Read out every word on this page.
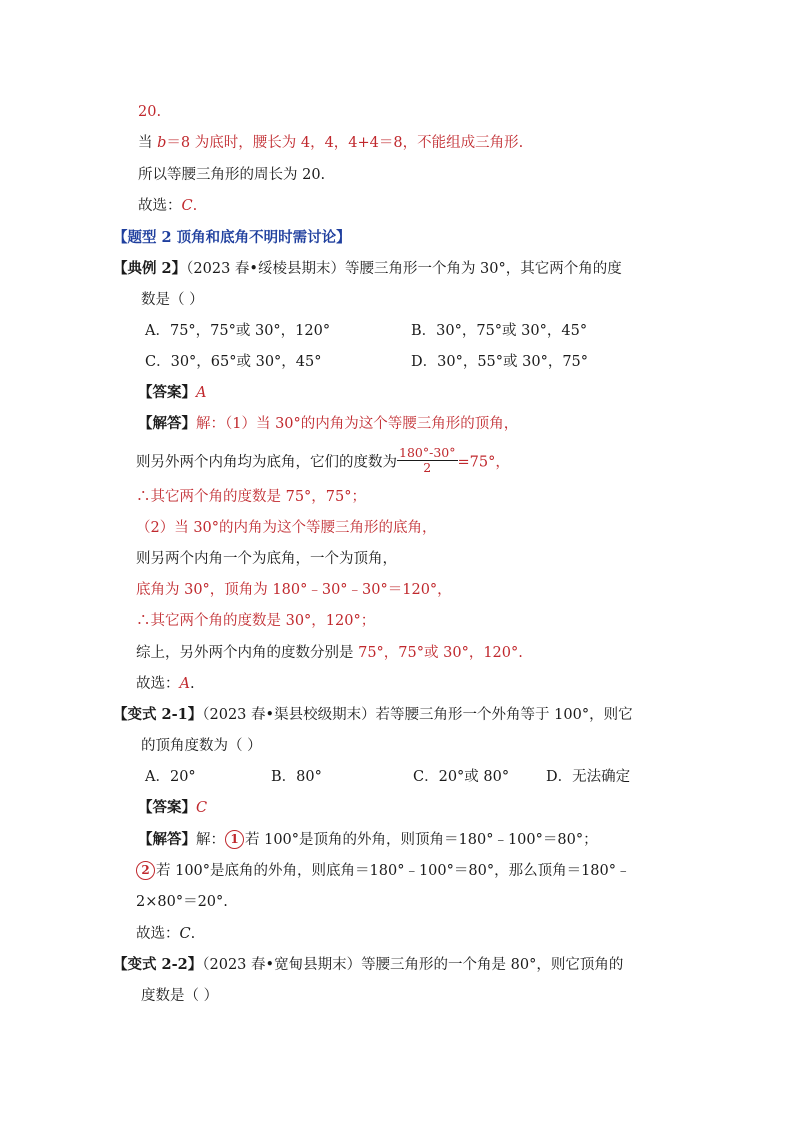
20.
当 b＝8 为底时，腰长为 4，4，4+4＝8，不能组成三角形.
所以等腰三角形的周长为 20.
故选：C.
【题型 2 顶角和底角不明时需讨论】
【典例 2】（2023 春•绥棱县期末）等腰三角形一个角为 30°，其它两个角的度
数是（ ）
A．75°，75°或 30°，120°	B．30°，75°或 30°，45°
C．30°，65°或 30°，45°	D．30°，55°或 30°，75°
【答案】A
【解答】解：（1）当 30°的内角为这个等腰三角形的顶角，
则另外两个内角均为底角，它们的度数为 $\frac{180^\circ-30^\circ}{2} =75^\circ$，
∴其它两个角的度数是 75°，75°；
（2）当 30°的内角为这个等腰三角形的底角，
则另两个内角一个为底角，一个为顶角，
底角为 30°，顶角为 180°﹣30°﹣30°＝120°，
∴其它两个角的度数是 30°，120°；
综上，另外两个内角的度数分别是 75°，75°或 30°，120°.
故选：A.
【变式 2-1】（2023 春•渠县校级期末）若等腰三角形一个外角等于 100°，则它
的顶角度数为（ ）
A．20°	B．80°	C．20°或 80°	D．无法确定
【答案】C
【解答】解： 1 若 100°是顶角的外角，则顶角＝180°﹣100°＝80°；
2 若 100°是底角的外角，则底角＝180°﹣100°＝80°，那么顶角＝180°﹣
2×80°＝20°.
故选：C.
【变式 2-2】（2023 春•宽甸县期末）等腰三角形的一个角是 80°，则它顶角的
度数是（ ）
